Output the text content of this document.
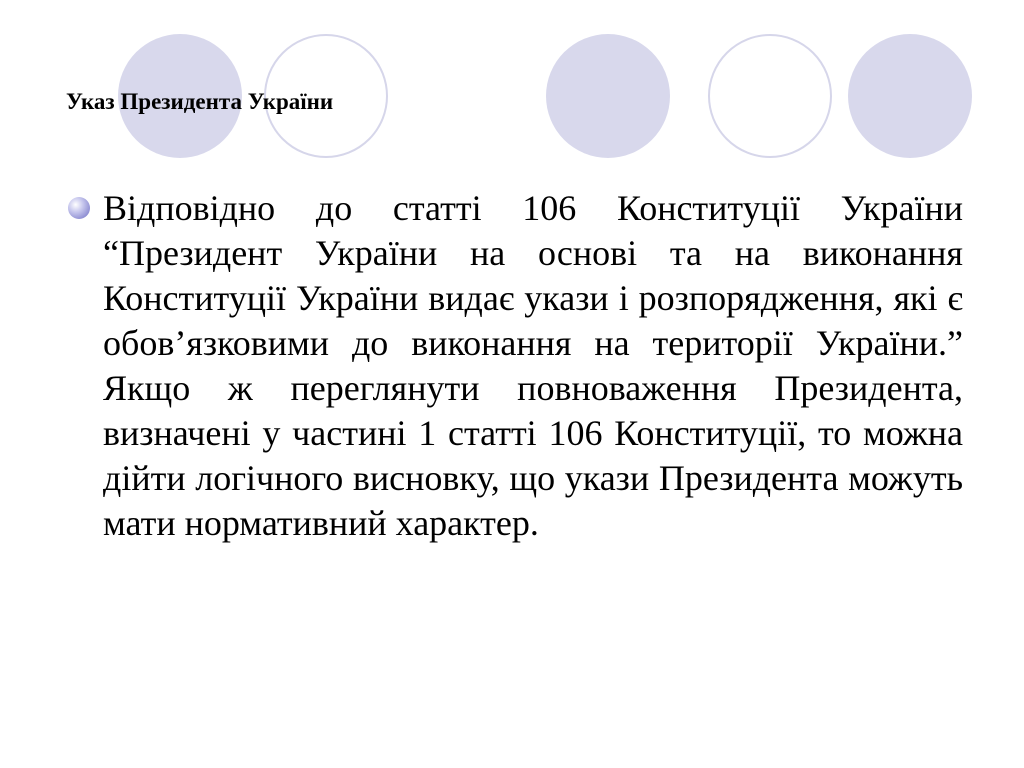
Указ Президента України
Відповідно до статті 106 Конституції України “Президент України на основі та на виконання Конституції України видає укази і розпорядження, які є обов’язковими до виконання на території України.” Якщо ж переглянути повноваження Президента, визначені у частині 1 статті 106 Конституції, то можна дійти логічного висновку, що укази Президента можуть мати нормативний характер.
